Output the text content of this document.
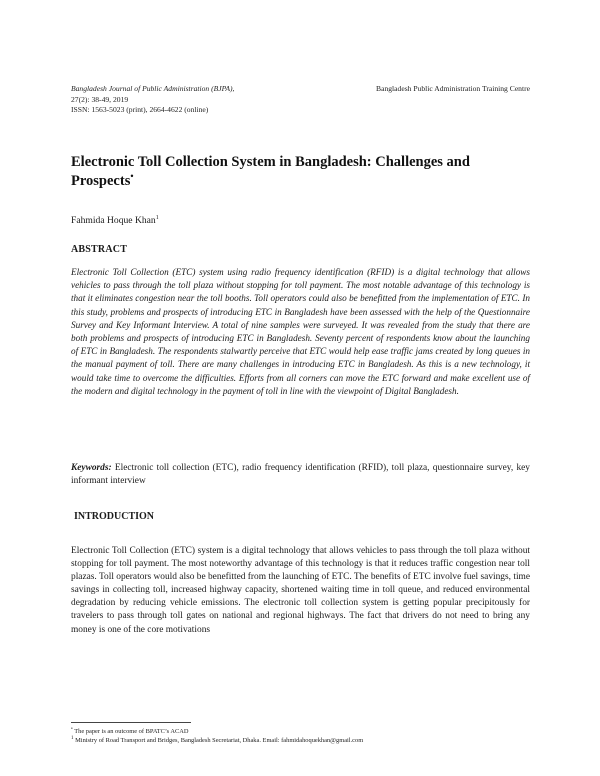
Bangladesh Journal of Public Administration (BJPA),
27(2): 38-49, 2019
ISSN: 1563-5023 (print), 2664-4622 (online)
Bangladesh Public Administration Training Centre
Electronic Toll Collection System in Bangladesh: Challenges and Prospects•
Fahmida Hoque Khan$^1$
ABSTRACT

Electronic Toll Collection (ETC) system using radio frequency identification (RFID) is a digital technology that allows vehicles to pass through the toll plaza without stopping for toll payment. The most notable advantage of this technology is that it eliminates congestion near the toll booths. Toll operators could also be benefitted from the implementation of ETC. In this study, problems and prospects of introducing ETC in Bangladesh have been assessed with the help of the Questionnaire Survey and Key Informant Interview. A total of nine samples were surveyed. It was revealed from the study that there are both problems and prospects of introducing ETC in Bangladesh. Seventy percent of respondents know about the launching of ETC in Bangladesh. The respondents stalwartly perceive that ETC would help ease traffic jams created by long queues in the manual payment of toll. There are many challenges in introducing ETC in Bangladesh. As this is a new technology, it would take time to overcome the difficulties. Efforts from all corners can move the ETC forward and make excellent use of the modern and digital technology in the payment of toll in line with the viewpoint of Digital Bangladesh.

Keywords: Electronic toll collection (ETC), radio frequency identification (RFID), toll plaza, questionnaire survey, key informant interview

INTRODUCTION

Electronic Toll Collection (ETC) system is a digital technology that allows vehicles to pass through the toll plaza without stopping for toll payment. The most noteworthy advantage of this technology is that it reduces traffic congestion near toll plazas. Toll operators would also be benefitted from the launching of ETC. The benefits of ETC involve fuel savings, time savings in collecting toll, increased highway capacity, shortened waiting time in toll queue, and reduced environmental degradation by reducing vehicle emissions. The electronic toll collection system is getting popular precipitously for travelers to pass through toll gates on national and regional highways. The fact that drivers do not need to bring any money is one of the core motivations

• The paper is an outcome of BPATC’s ACAD
$^1$ Ministry of Road Transport and Bridges, Bangladesh Secretariat, Dhaka. Email: fahmidahoquekhan@gmail.com
